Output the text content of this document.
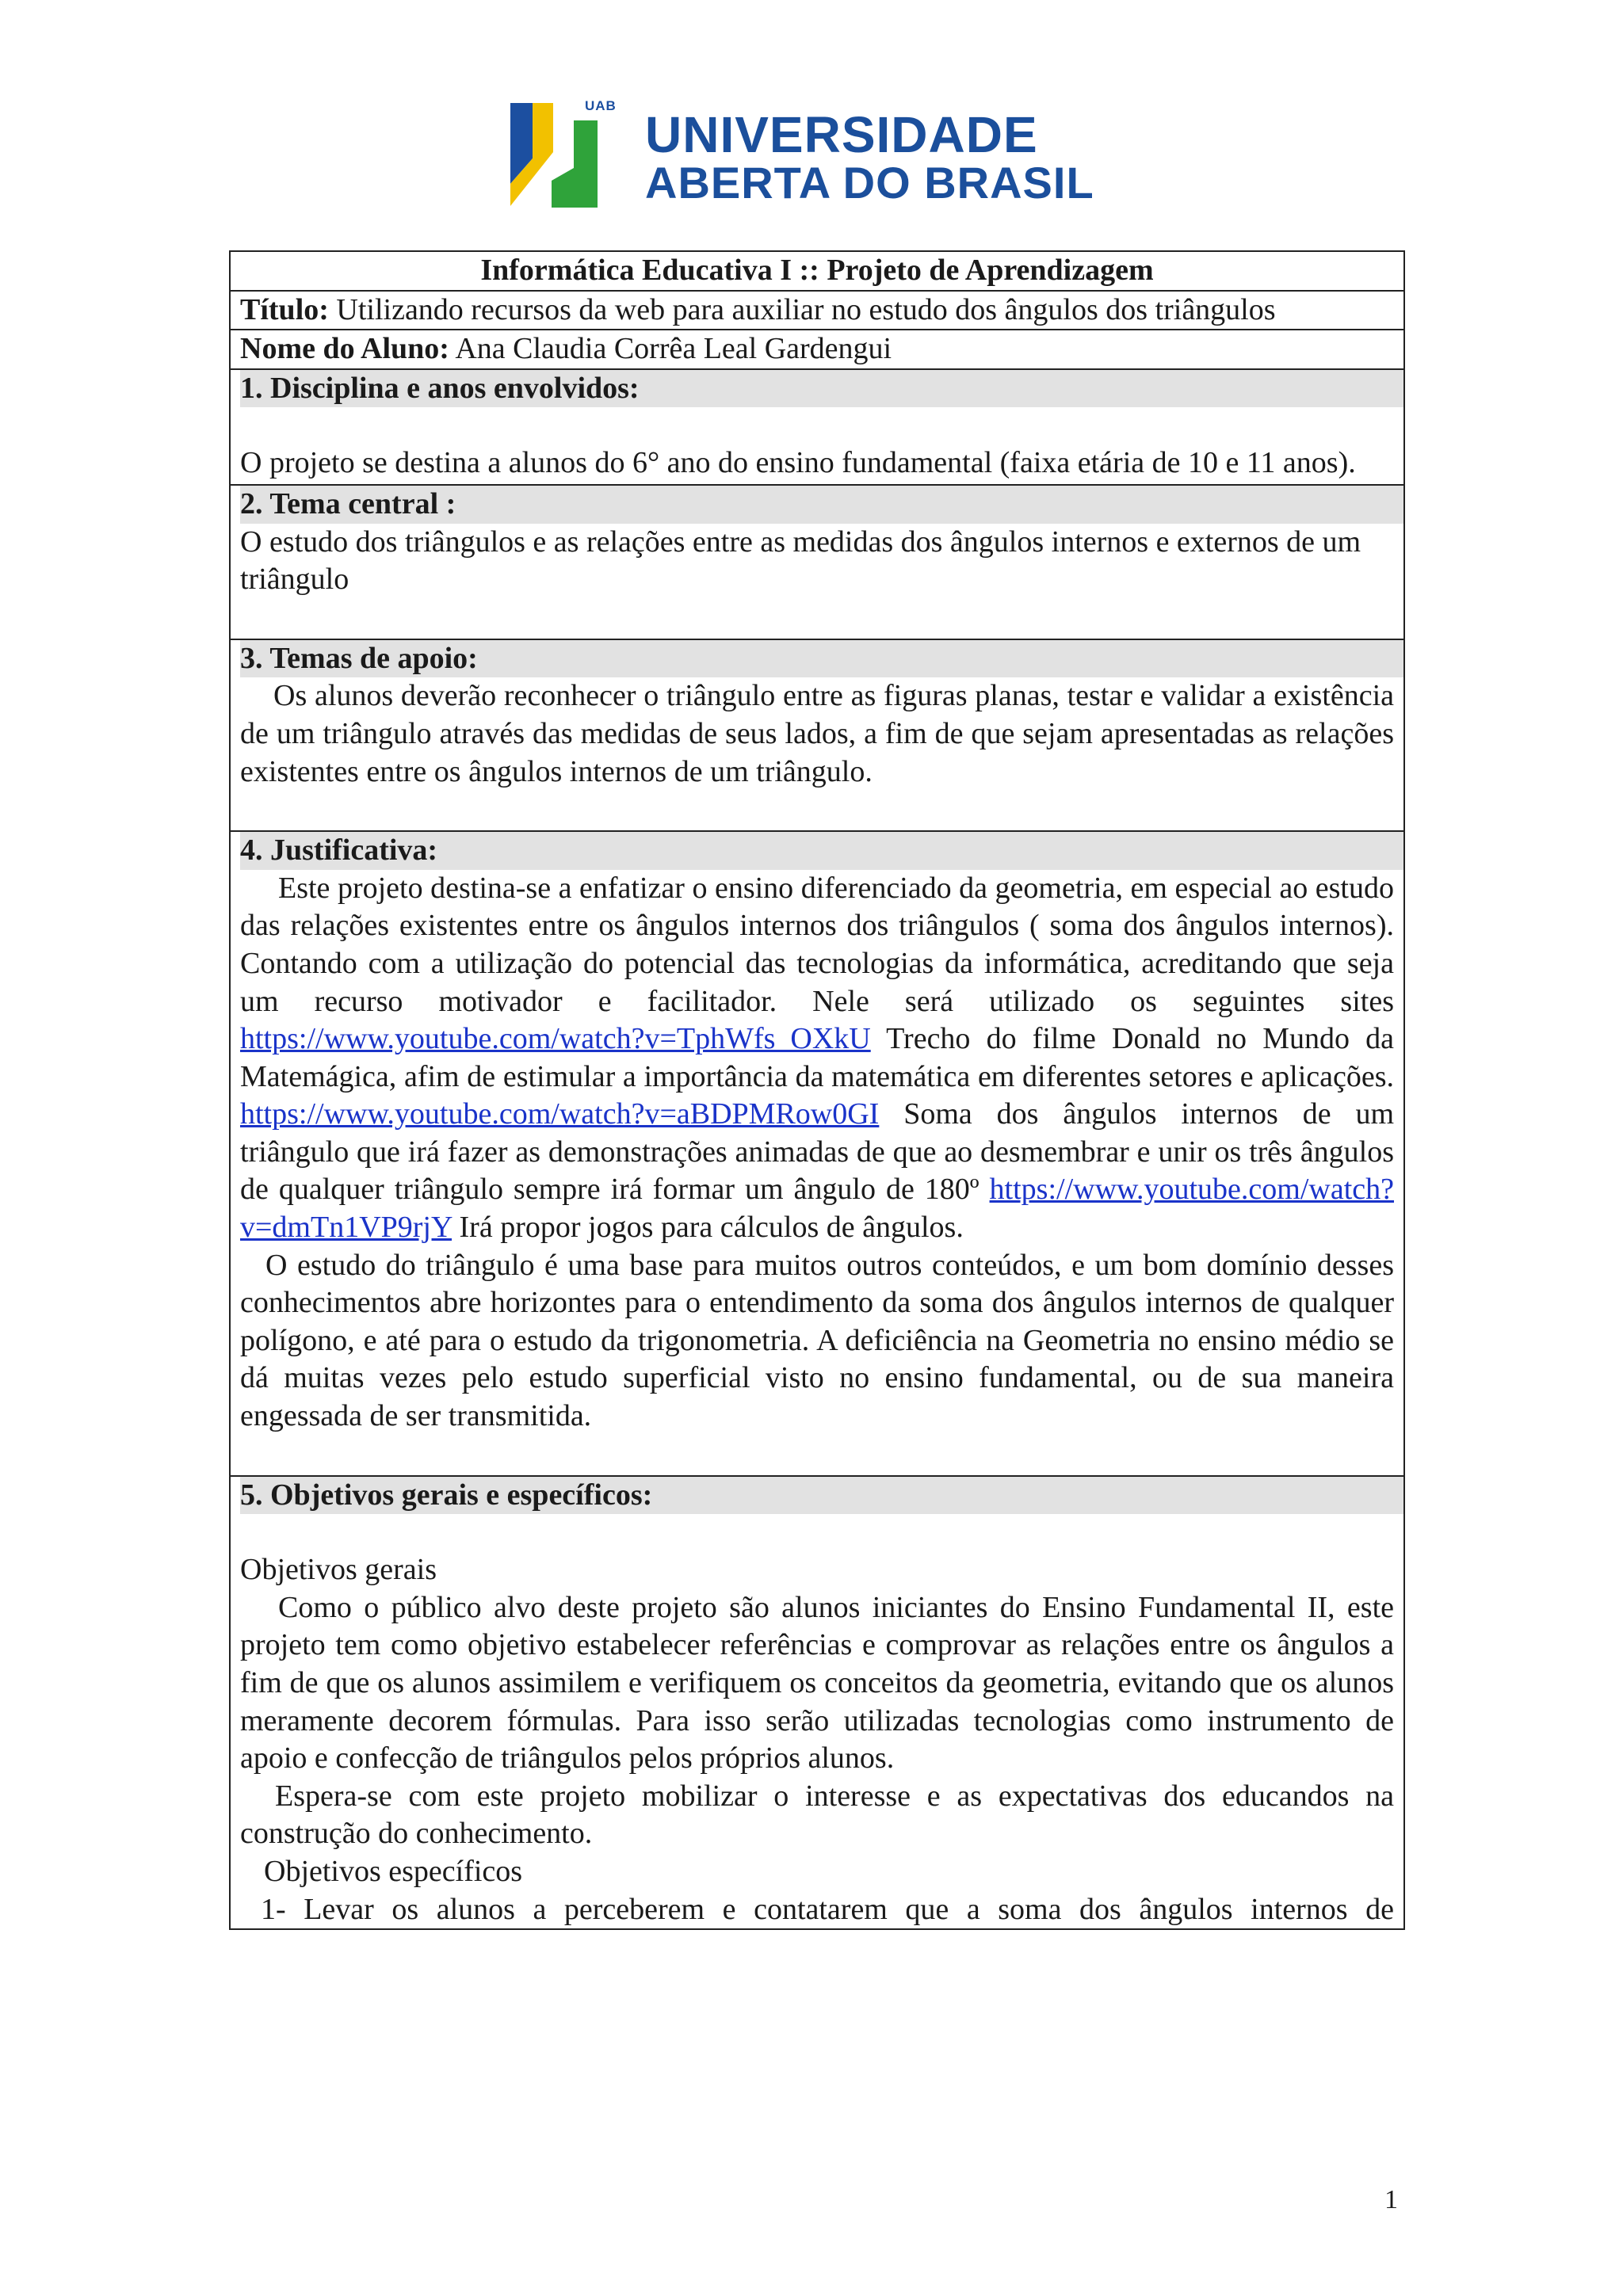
UAB
UNIVERSIDADE
ABERTA DO BRASIL
Informática Educativa I :: Projeto de Aprendizagem
Título: Utilizando recursos da web para auxiliar no estudo dos ângulos dos triângulos
Nome do Aluno: Ana Claudia Corrêa Leal Gardengui

1. Disciplina e anos envolvidos:

O projeto se destina a alunos do 6° ano do ensino fundamental (faixa etária de 10 e 11 anos).

2. Tema central :

O estudo dos triângulos e as relações entre as medidas dos ângulos internos e externos de um triângulo

3. Temas de apoio:

Os alunos deverão reconhecer o triângulo entre as figuras planas, testar e validar a existência de um triângulo através das medidas de seus lados, a fim de que sejam apresentadas as relações existentes entre os ângulos internos de um triângulo.

4. Justificativa:

Este projeto destina-se a enfatizar o ensino diferenciado da geometria, em especial ao estudo das relações existentes entre os ângulos internos dos triângulos ( soma dos ângulos internos). Contando com a utilização do potencial das tecnologias da informática, acreditando que seja um recurso motivador e facilitador. Nele será utilizado os seguintes sites https://www.youtube.com/watch?v=TphWfs_OXkU Trecho do filme Donald no Mundo da Matemágica, afim de estimular a importância da matemática em diferentes setores e aplicações. https://www.youtube.com/watch?v=aBDPMRow0GI Soma dos ângulos internos de um triângulo que irá fazer as demonstrações animadas de que ao desmembrar e unir os três ângulos de qualquer triângulo sempre irá formar um ângulo de 180º https://www.youtube.com/watch?v=dmTn1VP9rjY Irá propor jogos para cálculos de ângulos.

O estudo do triângulo é uma base para muitos outros conteúdos, e um bom domínio desses conhecimentos abre horizontes para o entendimento da soma dos ângulos internos de qualquer polígono, e até para o estudo da trigonometria. A deficiência na Geometria no ensino médio se dá muitas vezes pelo estudo superficial visto no ensino fundamental, ou de sua maneira engessada de ser transmitida.

5. Objetivos gerais e específicos:

Objetivos gerais

Como o público alvo deste projeto são alunos iniciantes do Ensino Fundamental II, este projeto tem como objetivo estabelecer referências e comprovar as relações entre os ângulos a fim de que os alunos assimilem e verifiquem os conceitos da geometria, evitando que os alunos meramente decorem fórmulas. Para isso serão utilizadas tecnologias como instrumento de apoio e confecção de triângulos pelos próprios alunos.

Espera-se com este projeto mobilizar o interesse e as expectativas dos educandos na construção do conhecimento.

Objetivos específicos

1- Levar os alunos a perceberem e contatarem que a soma dos ângulos internos de

1
